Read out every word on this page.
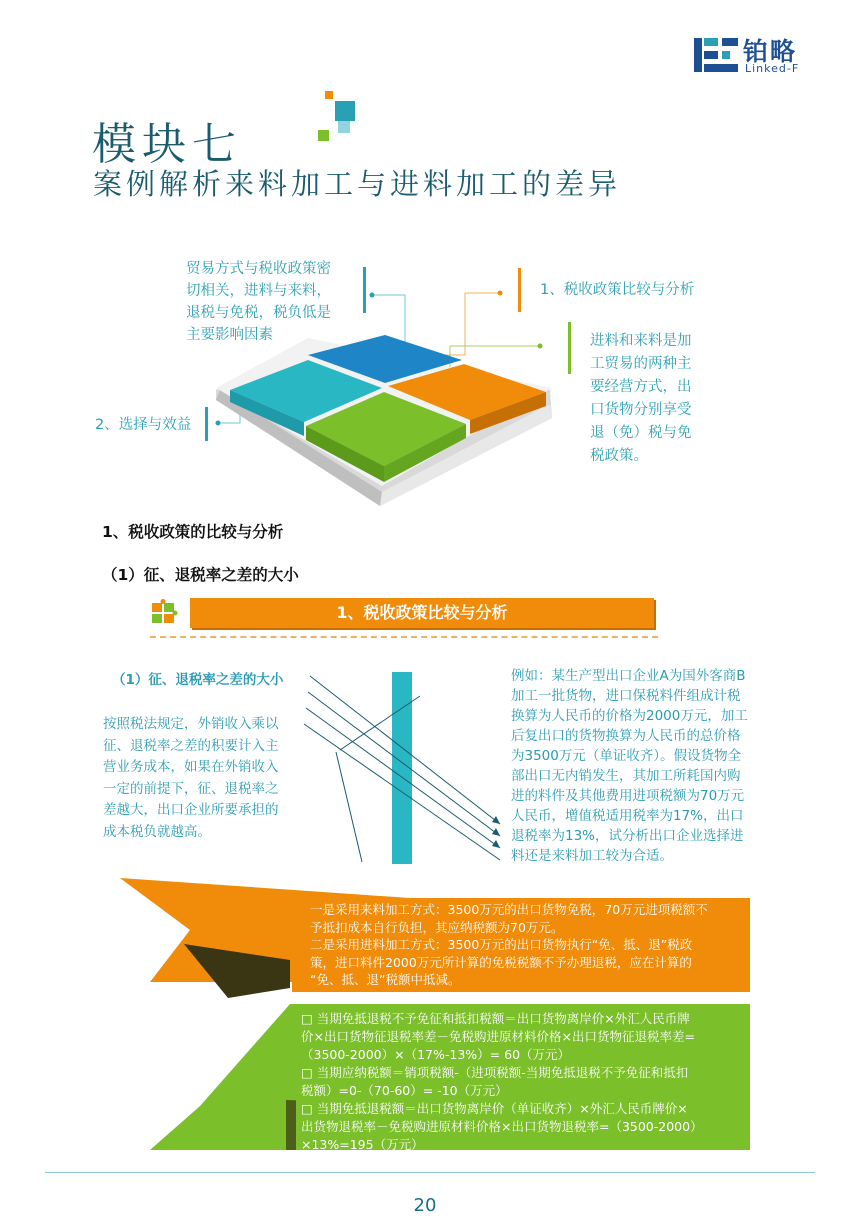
铂略
Linked-F
模块七
案例解析来料加工与进料加工的差异
贸易方式与税收政策密
切相关，进料与来料，
退税与免税，税负低是
主要影响因素
1、税收政策比较与分析
进料和来料是加
工贸易的两种主
要经营方式，出
口货物分别享受
退（免）税与免
税政策。
2、选择与效益
1、税收政策的比较与分析
（1）征、退税率之差的大小
1、税收政策比较与分析
（1）征、退税率之差的大小
按照税法规定，外销收入乘以
征、退税率之差的积要计入主
营业务成本，如果在外销收入
一定的前提下，征、退税率之
差越大，出口企业所要承担的
成本税负就越高。
例如：某生产型出口企业A为国外客商B
加工一批货物，进口保税料件组成计税
换算为人民币的价格为2000万元，加工
后复出口的货物换算为人民币的总价格
为3500万元（单证收齐）。假设货物全
部出口无内销发生，其加工所耗国内购
进的料件及其他费用进项税额为70万元
人民币，增值税适用税率为17%，出口
退税率为13%，试分析出口企业选择进
料还是来料加工较为合适。
一是采用来料加工方式：3500万元的出口货物免税，70万元进项税额不
予抵扣成本自行负担，其应纳税额为70万元。
二是采用进料加工方式：3500万元的出口货物执行“免、抵、退”税政
策，进口料件2000万元所计算的免税税额不予办理退税，应在计算的
“免、抵、退”税额中抵减。
□ 当期免抵退税不予免征和抵扣税额＝出口货物离岸价×外汇人民币牌
价×出口货物征退税率差－免税购进原材料价格×出口货物征退税率差=
（3500-2000）×（17%-13%）= 60（万元）
□ 当期应纳税额＝销项税额-（进项税额-当期免抵退税不予免征和抵扣
税额）=0-（70-60）= -10（万元）
□ 当期免抵退税额＝出口货物离岸价（单证收齐）×外汇人民币牌价×
出货物退税率－免税购进原材料价格×出口货物退税率=（3500-2000）
×13%=195（万元）
20
